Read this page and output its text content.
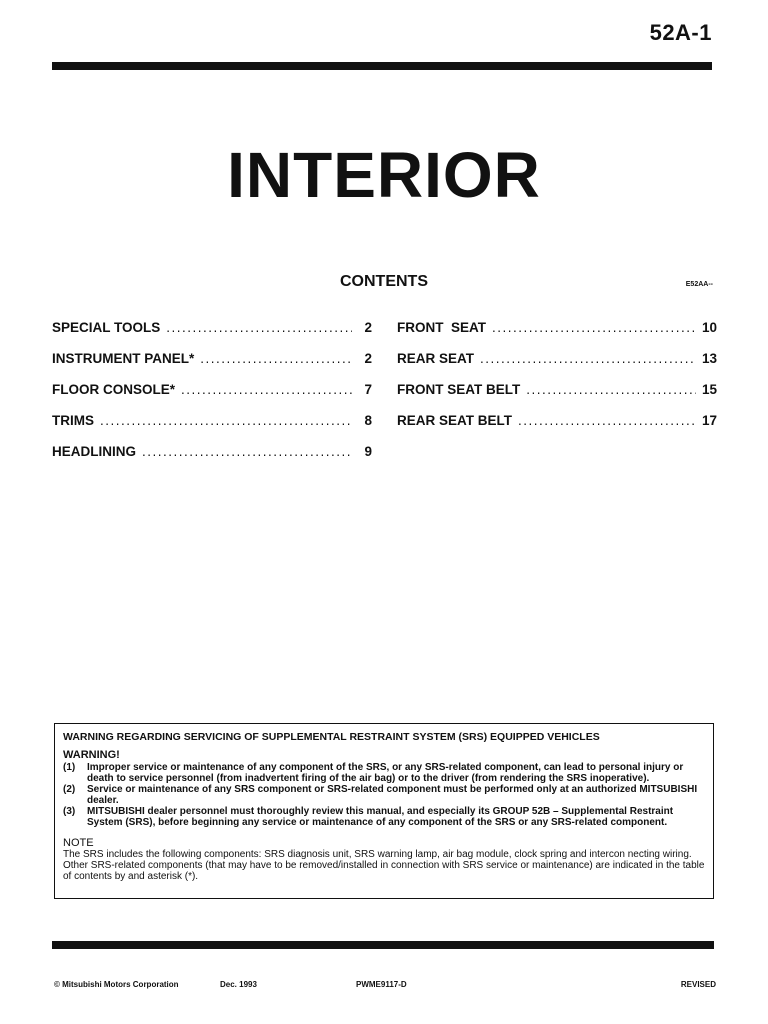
52A-1
INTERIOR
CONTENTS	E52AA--
SPECIAL TOOLS .....	2
INSTRUMENT PANEL* .....	2
FLOOR CONSOLE* .....	7
TRIMS .....	8
HEADLINING .....	9
FRONT  SEAT .....	10
REAR SEAT .....	13
FRONT SEAT BELT .....	15
REAR SEAT BELT .....	17
WARNING REGARDING SERVICING OF SUPPLEMENTAL RESTRAINT SYSTEM (SRS) EQUIPPED VEHICLES
WARNING!
(1)	Improper service or maintenance of any component of the SRS, or any SRS-related component, can lead to personal injury or death to service personnel (from inadvertent firing of the air bag) or to the driver (from rendering the SRS inoperative).
(2)	Service or maintenance of any SRS component or SRS-related component must be performed only at an authorized MITSUBISHI dealer.
(3)	MITSUBISHI dealer personnel must thoroughly review this manual, and especially its GROUP 52B – Supplemental Restraint System (SRS), before beginning any service or maintenance of any component of the SRS or any SRS-related component.
NOTE
The SRS includes the following components: SRS diagnosis unit, SRS warning lamp, air bag module, clock spring and intercon necting wiring. Other SRS-related components (that may have to be removed/installed in connection with SRS service or maintenance) are indicated in the table of contents by and asterisk (*).
© Mitsubishi Motors Corporation	Dec. 1993	PWME9117-D	REVISED
